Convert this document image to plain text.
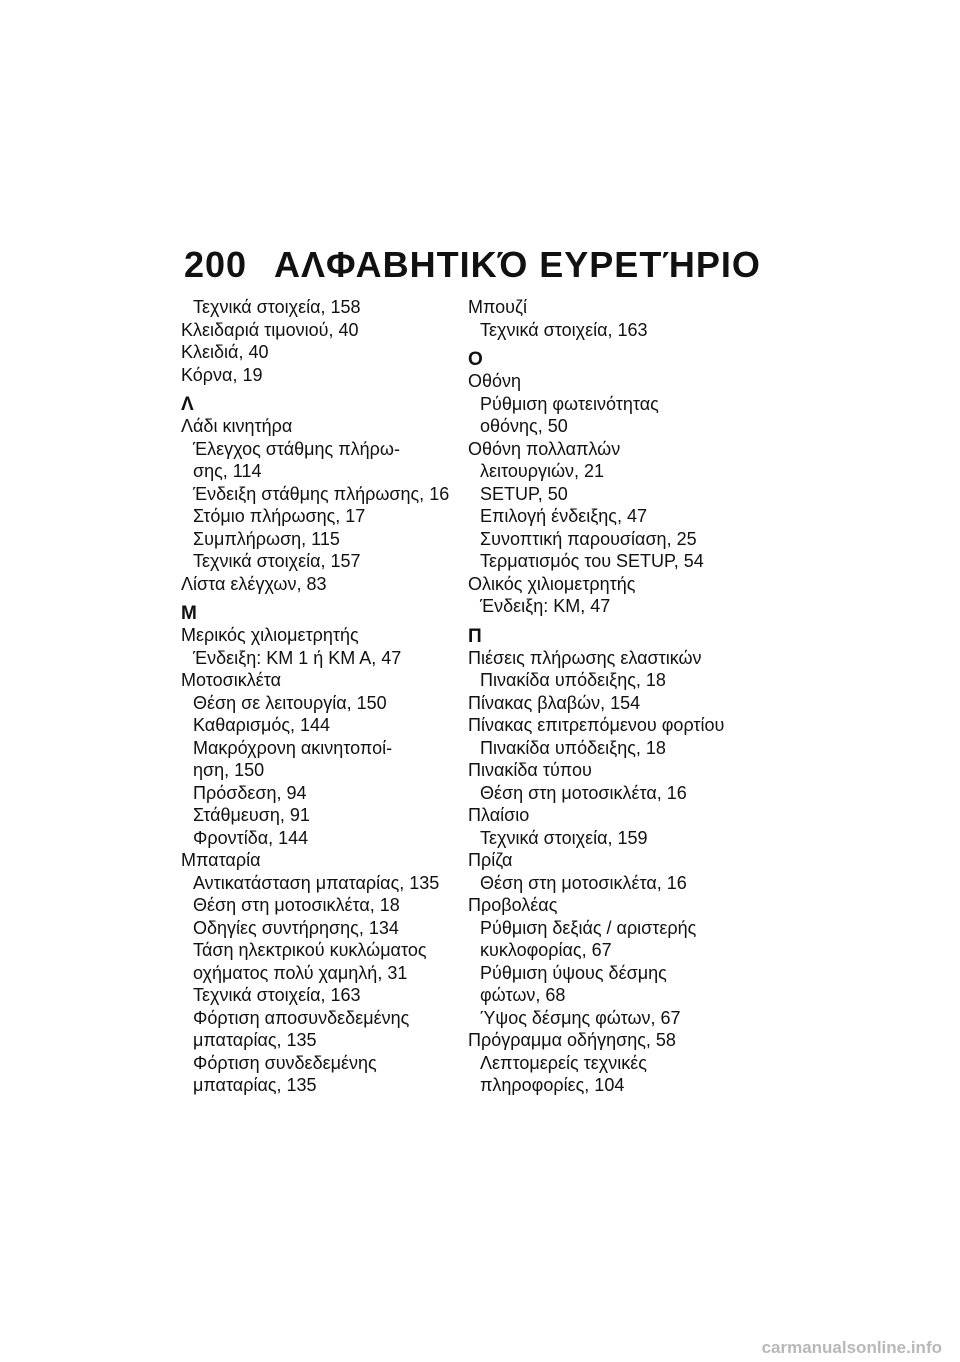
200 ΑΛΦΑΒΗΤΙΚΌ ΕΥΡΕΤΉΡΙΟ
Τεχνικά στοιχεία, 158
Κλειδαριά τιμονιού, 40
Κλειδιά, 40
Κόρνα, 19
Λ
Λάδι κινητήρα
Έλεγχος στάθμης πλήρω-
σης, 114
Ένδειξη στάθμης πλήρωσης, 16
Στόμιο πλήρωσης, 17
Συμπλήρωση, 115
Τεχνικά στοιχεία, 157
Λίστα ελέγχων, 83
Μ
Μερικός χιλιομετρητής
Ένδειξη: KM 1 ή KM A, 47
Μοτοσικλέτα
Θέση σε λειτουργία, 150
Καθαρισμός, 144
Μακρόχρονη ακινητοποί-
ηση, 150
Πρόσδεση, 94
Στάθμευση, 91
Φροντίδα, 144
Μπαταρία
Αντικατάσταση μπαταρίας, 135
Θέση στη μοτοσικλέτα, 18
Οδηγίες συντήρησης, 134
Τάση ηλεκτρικού κυκλώματος
οχήματος πολύ χαμηλή, 31
Τεχνικά στοιχεία, 163
Φόρτιση αποσυνδεδεμένης
μπαταρίας, 135
Φόρτιση συνδεδεμένης
μπαταρίας, 135
Μπουζί
Τεχνικά στοιχεία, 163
Ο
Οθόνη
Ρύθμιση φωτεινότητας
οθόνης, 50
Οθόνη πολλαπλών
λειτουργιών, 21
SETUP, 50
Επιλογή ένδειξης, 47
Συνοπτική παρουσίαση, 25
Τερματισμός του SETUP, 54
Ολικός χιλιομετρητής
Ένδειξη: KM, 47
Π
Πιέσεις πλήρωσης ελαστικών
Πινακίδα υπόδειξης, 18
Πίνακας βλαβών, 154
Πίνακας επιτρεπόμενου φορτίου
Πινακίδα υπόδειξης, 18
Πινακίδα τύπου
Θέση στη μοτοσικλέτα, 16
Πλαίσιο
Τεχνικά στοιχεία, 159
Πρίζα
Θέση στη μοτοσικλέτα, 16
Προβολέας
Ρύθμιση δεξιάς / αριστερής
κυκλοφορίας, 67
Ρύθμιση ύψους δέσμης
φώτων, 68
Ύψος δέσμης φώτων, 67
Πρόγραμμα οδήγησης, 58
Λεπτομερείς τεχνικές
πληροφορίες, 104
carmanualsonline.info
